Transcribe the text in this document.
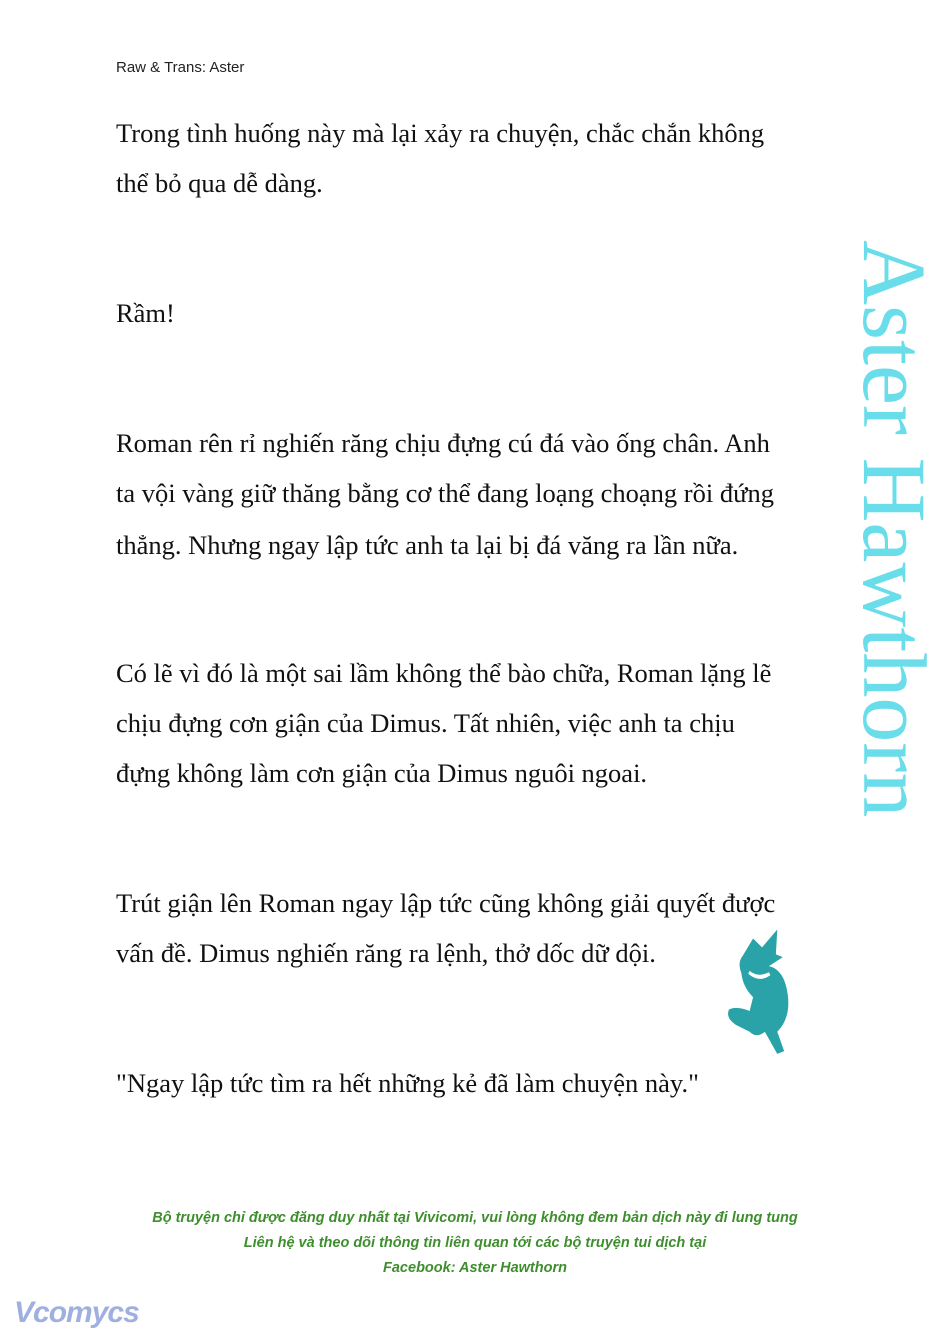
Raw & Trans: Aster
Trong tình huống này mà lại xảy ra chuyện, chắc chắn không
thể bỏ qua dễ dàng.
Rầm!
Roman rên rỉ nghiến răng chịu đựng cú đá vào ống chân. Anh
ta vội vàng giữ thăng bằng cơ thể đang loạng choạng rồi đứng
thẳng. Nhưng ngay lập tức anh ta lại bị đá văng ra lần nữa.
Có lẽ vì đó là một sai lầm không thể bào chữa, Roman lặng lẽ
chịu đựng cơn giận của Dimus. Tất nhiên, việc anh ta chịu
đựng không làm cơn giận của Dimus nguôi ngoai.
Trút giận lên Roman ngay lập tức cũng không giải quyết được
vấn đề. Dimus nghiến răng ra lệnh, thở dốc dữ dội.
"Ngay lập tức tìm ra hết những kẻ đã làm chuyện này."
Aster Hawthorn
Bộ truyện chỉ được đăng duy nhất tại Vivicomi, vui lòng không đem bản dịch này đi lung tung
Liên hệ và theo dõi thông tin liên quan tới các bộ truyện tui dịch tại
Facebook: Aster Hawthorn
Vcomycs
